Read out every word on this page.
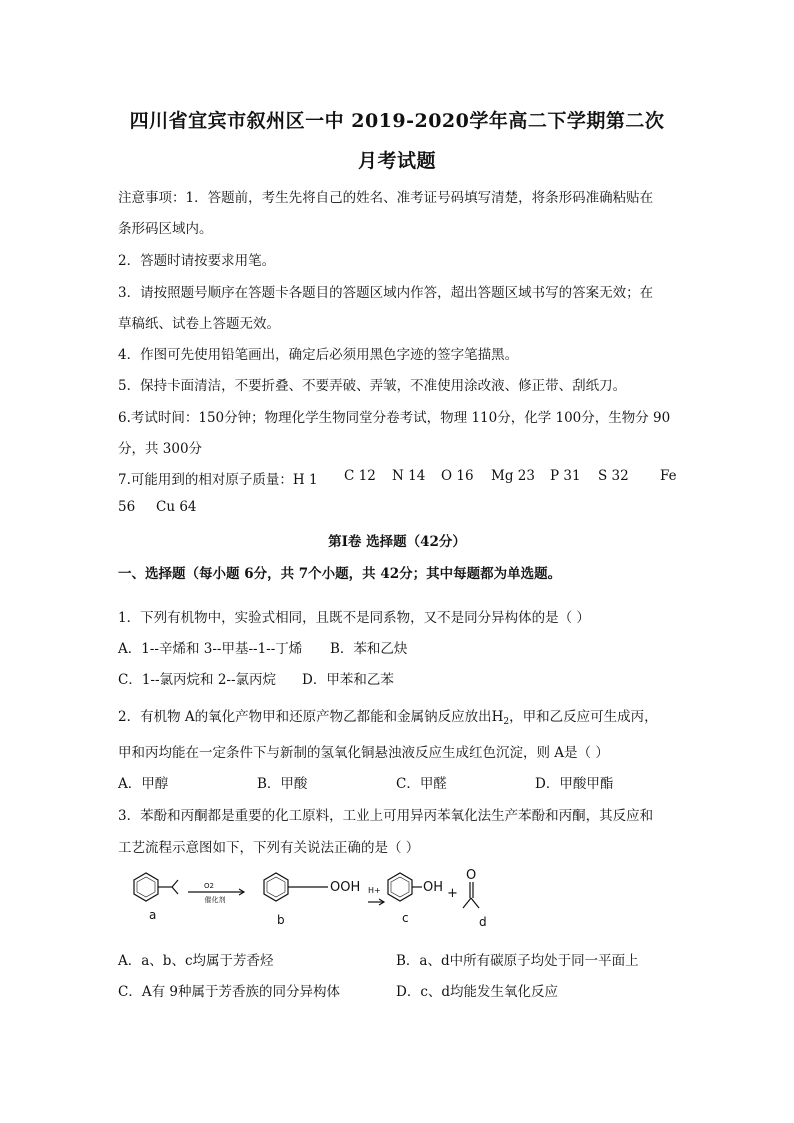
四川省宜宾市叙州区一中 2019-2020学年高二下学期第二次
月考试题
注意事项：1．答题前，考生先将自己的姓名、准考证号码填写清楚，将条形码准确粘贴在
条形码区域内。
2．答题时请按要求用笔。
3．请按照题号顺序在答题卡各题目的答题区域内作答，超出答题区域书写的答案无效；在
草稿纸、试卷上答题无效。
4．作图可先使用铅笔画出，确定后必须用黑色字迹的签字笔描黑。
5．保持卡面清洁，不要折叠、不要弄破、弄皱，不准使用涂改液、修正带、刮纸刀。
6.考试时间：150分钟；物理化学生物同堂分卷考试，物理 110分，化学 100分，生物分 90
分，共 300分
7.可能用到的相对原子质量：H 1 C 12 N 14 O 16 Mg 23 P 31 S 32 Fe
56 Cu 64
第Ⅰ卷 选择题（42分）
一、选择题（每小题 6分，共 7个小题，共 42分；其中每题都为单选题。
1．下列有机物中，实验式相同，且既不是同系物，又不是同分异构体的是（ ）
A．1--辛烯和 3--甲基--1--丁烯 B．苯和乙炔
C．1--氯丙烷和 2--氯丙烷 D．甲苯和乙苯
2．有机物 A的氧化产物甲和还原产物乙都能和金属钠反应放出$H_2$，甲和乙反应可生成丙，
甲和丙均能在一定条件下与新制的氢氧化铜悬浊液反应生成红色沉淀，则 A是（ ）
A．甲醇	B．甲酸	C．甲醛	D．甲酸甲酯
3．苯酚和丙酮都是重要的化工原料，工业上可用异丙苯氧化法生产苯酚和丙酮，其反应和
工艺流程示意图如下，下列有关说法正确的是（ ）
O2
催化剂
OOH H+	OH +
O
a	b	c	d
A．a、b、c均属于芳香烃	B．a、d中所有碳原子均处于同一平面上
C．A有 9种属于芳香族的同分异构体	D．c、d均能发生氧化反应
